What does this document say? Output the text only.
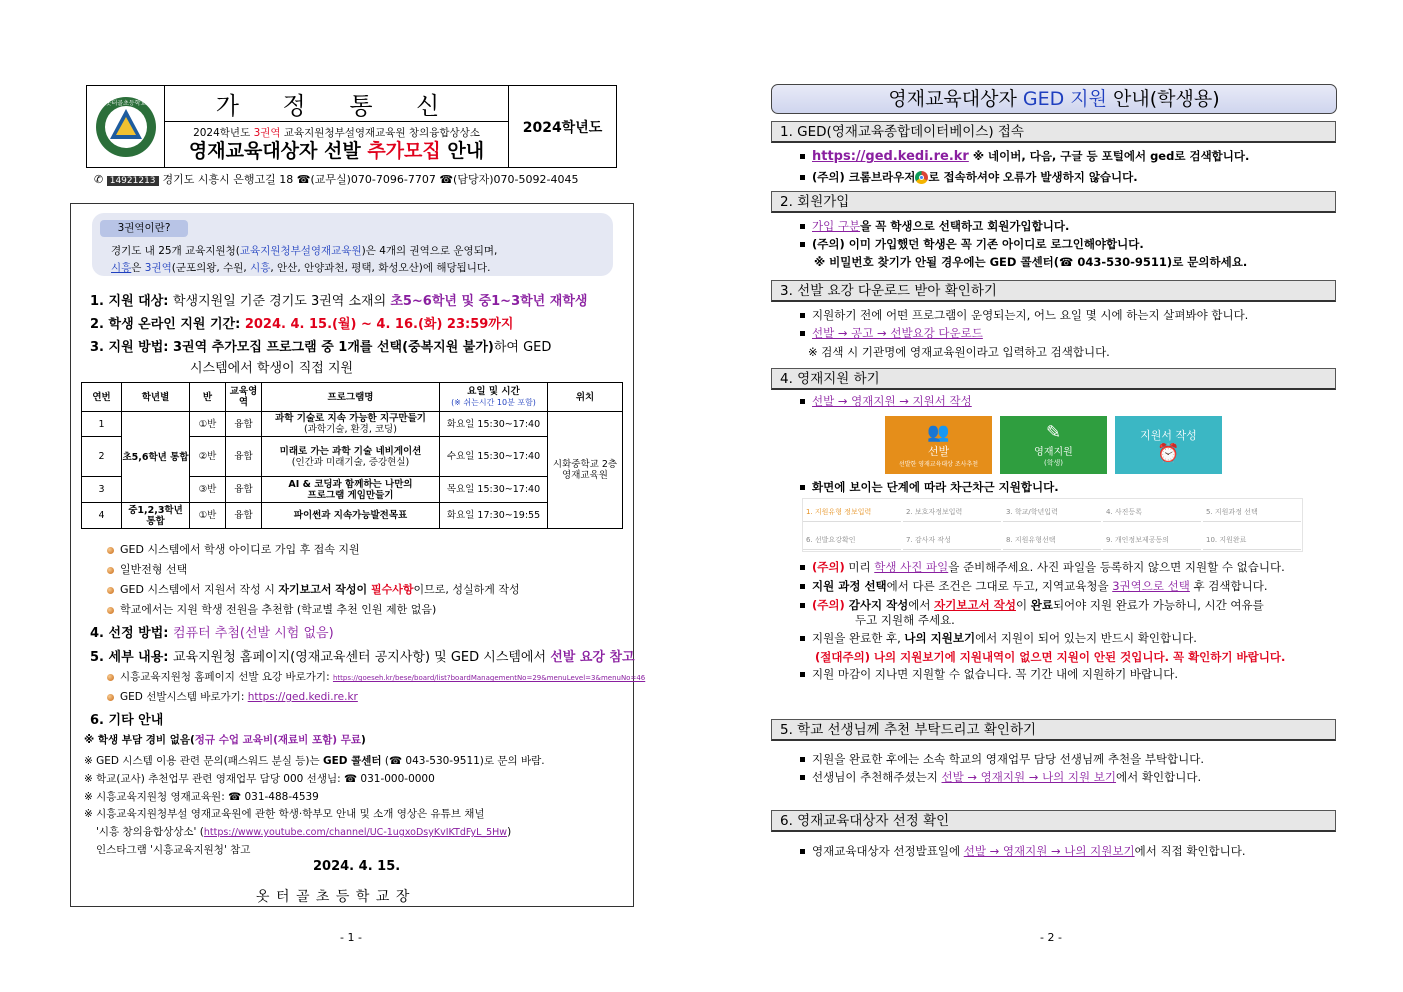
옷터골초등학교	가 정 통 신
2024학년도 3권역 교육지원청부설영재교육원 창의융합상상소
영재교육대상자 선발 추가모집 안내
2024학년도
✆ 14921213 경기도 시흥시 은행고길 18 ☎(교무실)070-7096-7707 ☎(담당자)070-5092-4045
3권역이란?
경기도 내 25개 교육지원청(교육지원청부설영재교육원)은 4개의 권역으로 운영되며,
시흥은 3권역(군포의왕, 수원, 시흥, 안산, 안양과천, 평택, 화성오산)에 해당됩니다.
1. 지원 대상: 학생지원일 기준 경기도 3권역 소재의 초5~6학년 및 중1~3학년 재학생
2. 학생 온라인 지원 기간: 2024. 4. 15.(월) ~ 4. 16.(화) 23:59까지
3. 지원 방법: 3권역 추가모집 프로그램 중 1개를 선택(중복지원 불가)하여 GED
시스템에서 학생이 직접 지원
연번	학년별	반	교육영역	프로그램명	요일 및 시간
(※ 쉬는시간 10분 포함)	위치
1	초5,6학년 통합	①반	융합	과학 기술로 지속 가능한 지구만들기
(과학기술, 환경, 코딩)	화요일 15:30~17:40	시화중학교 2층 영재교육원
2		②반	융합	미래로 가는 과학 기술 네비게이션
(인간과 미래기술, 증강현실)	수요일 15:30~17:40	
3		③반	융합	AI & 코딩과 함께하는 나만의
프로그램 게임만들기	목요일 15:30~17:40	
4	중1,2,3학년 통합	①반	융합	파이썬과 지속가능발전목표	화요일 17:30~19:55	
GED 시스템에서 학생 아이디로 가입 후 접속 지원
일반전형 선택
GED 시스템에서 지원서 작성 시 자기보고서 작성이 필수사항이므로, 성실하게 작성
학교에서는 지원 학생 전원을 추천함 (학교별 추천 인원 제한 없음)
4. 선정 방법: 컴퓨터 추첨(선발 시험 없음)
5. 세부 내용: 교육지원청 홈페이지(영재교육센터 공지사항) 및 GED 시스템에서 선발 요강 참고
시흥교육지원청 홈페이지 선발 요강 바로가기: https://goeseh.kr/bese/board/list?boardManagementNo=29&menuLevel=3&menuNo=46
GED 선발시스템 바로가기: https://ged.kedi.re.kr
6. 기타 안내
※ 학생 부담 경비 없음(정규 수업 교육비(재료비 포함) 무료)
※ GED 시스템 이용 관련 문의(패스워드 분실 등)는 GED 콜센터 (☎ 043-530-9511)로 문의 바람.
※ 학교(교사) 추천업무 관련 영재업무 담당 000 선생님: ☎ 031-000-0000
※ 시흥교육지원청 영재교육원: ☎ 031-488-4539
※ 시흥교육지원청부설 영재교육원에 관한 학생·학부모 안내 및 소개 영상은 유튜브 채널
'시흥 창의융합상상소' (https://www.youtube.com/channel/UC-1ugxoDsyKvIKTdFyL_5Hw)
인스타그램 '시흥교육지원청' 참고
2024. 4. 15.
옷 터 골 초 등 학 교 장
- 1 -
영재교육대상자 GED 지원 안내(학생용)
1. GED(영재교육종합데이터베이스) 접속
https://ged.kedi.re.kr ※ 네이버, 다음, 구글 등 포털에서 ged로 검색합니다.
(주의) 크롬브라우저 로 접속하셔야 오류가 발생하지 않습니다.
2. 회원가입
가입 구분을 꼭 학생으로 선택하고 회원가입합니다.
(주의) 이미 가입했던 학생은 꼭 기존 아이디로 로그인해야합니다.
※ 비밀번호 찾기가 안될 경우에는 GED 콜센터(☎ 043-530-9511)로 문의하세요.
3. 선발 요강 다운로드 받아 확인하기
지원하기 전에 어떤 프로그램이 운영되는지, 어느 요일 몇 시에 하는지 살펴봐야 합니다.
선발 → 공고 → 선발요강 다운로드
※ 검색 시 기관명에 영재교육원이라고 입력하고 검색합니다.
4. 영재지원 하기
선발 → 영재지원 → 지원서 작성
👥
선발
선발한 영재교육대상 조사추천
✎
영재지원
(학생)
지원서 작성
⏰
화면에 보이는 단계에 따라 차근차근 지원합니다.
1. 지원유형 정보입력	2. 보호자정보입력	3. 학교/학년입력	4. 사진등록	5. 지원과정 선택
6. 선발요강확인	7. 감사자 작성	8. 지원유형선택	9. 개인정보제공동의	10. 지원완료
(주의) 미리 학생 사진 파일을 준비해주세요. 사진 파일을 등록하지 않으면 지원할 수 없습니다.
지원 과정 선택에서 다른 조건은 그대로 두고, 지역교육청을 3권역으로 선택 후 검색합니다.
(주의) 감사지 작성에서 자기보고서 작성이 완료되어야 지원 완료가 가능하니, 시간 여유를
두고 지원해 주세요.
지원을 완료한 후, 나의 지원보기에서 지원이 되어 있는지 반드시 확인합니다.
(절대주의) 나의 지원보기에 지원내역이 없으면 지원이 안된 것입니다. 꼭 확인하기 바랍니다.
지원 마감이 지나면 지원할 수 없습니다. 꼭 기간 내에 지원하기 바랍니다.
5. 학교 선생님께 추천 부탁드리고 확인하기
지원을 완료한 후에는 소속 학교의 영재업무 담당 선생님께 추천을 부탁합니다.
선생님이 추천해주셨는지 선발 → 영재지원 → 나의 지원 보기에서 확인합니다.
6. 영재교육대상자 선정 확인
영재교육대상자 선정발표일에 선발 → 영재지원 → 나의 지원보기에서 직접 확인합니다.
- 2 -
